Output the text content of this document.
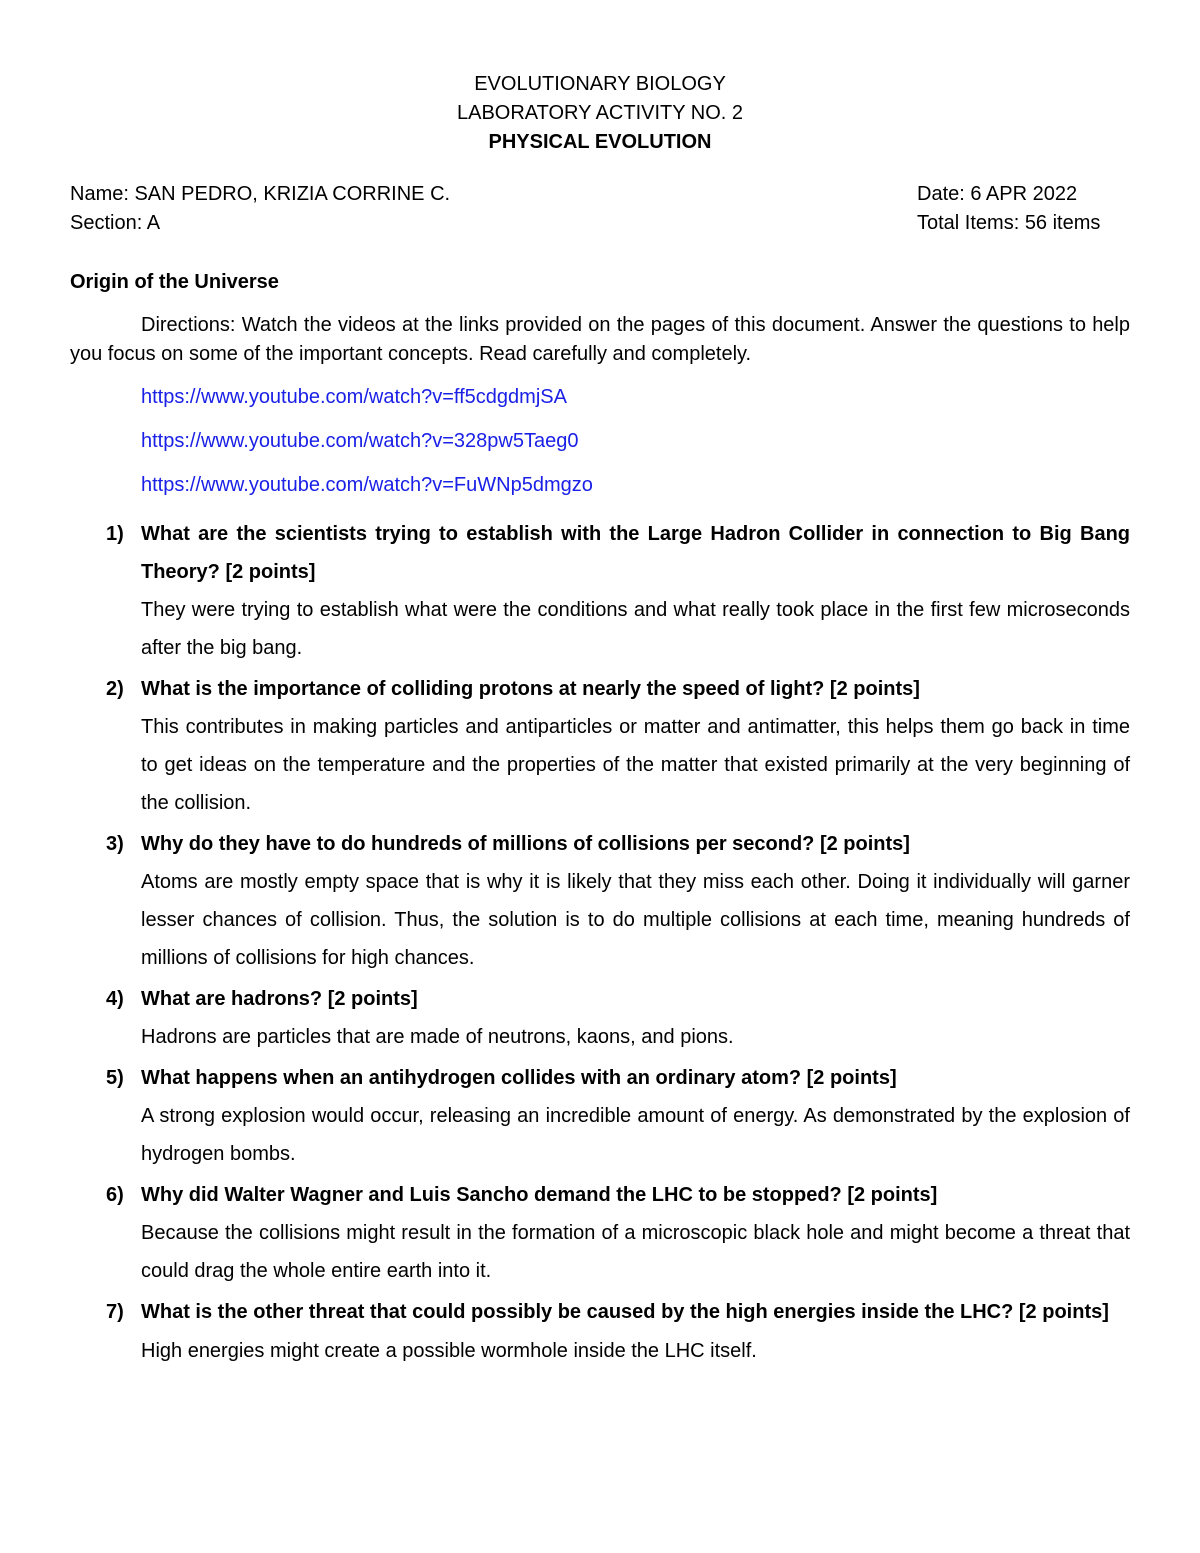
EVOLUTIONARY BIOLOGY
LABORATORY ACTIVITY NO. 2
PHYSICAL EVOLUTION
Name: SAN PEDRO, KRIZIA CORRINE C.
Section: A
Date: 6 APR 2022
Total Items: 56 items
Origin of the Universe
Directions: Watch the videos at the links provided on the pages of this document. Answer the questions to help you focus on some of the important concepts. Read carefully and completely.
https://www.youtube.com/watch?v=ff5cdgdmjSA
https://www.youtube.com/watch?v=328pw5Taeg0
https://www.youtube.com/watch?v=FuWNp5dmgzo
1) What are the scientists trying to establish with the Large Hadron Collider in connection to Big Bang Theory? [2 points]
They were trying to establish what were the conditions and what really took place in the first few microseconds after the big bang.
2) What is the importance of colliding protons at nearly the speed of light? [2 points]
This contributes in making particles and antiparticles or matter and antimatter, this helps them go back in time to get ideas on the temperature and the properties of the matter that existed primarily at the very beginning of the collision.
3) Why do they have to do hundreds of millions of collisions per second? [2 points]
Atoms are mostly empty space that is why it is likely that they miss each other. Doing it individually will garner lesser chances of collision. Thus, the solution is to do multiple collisions at each time, meaning hundreds of millions of collisions for high chances.
4) What are hadrons? [2 points]
Hadrons are particles that are made of neutrons, kaons, and pions.
5) What happens when an antihydrogen collides with an ordinary atom? [2 points]
A strong explosion would occur, releasing an incredible amount of energy. As demonstrated by the explosion of hydrogen bombs.
6) Why did Walter Wagner and Luis Sancho demand the LHC to be stopped? [2 points]
Because the collisions might result in the formation of a microscopic black hole and might become a threat that could drag the whole entire earth into it.
7) What is the other threat that could possibly be caused by the high energies inside the LHC? [2 points]
High energies might create a possible wormhole inside the LHC itself.
